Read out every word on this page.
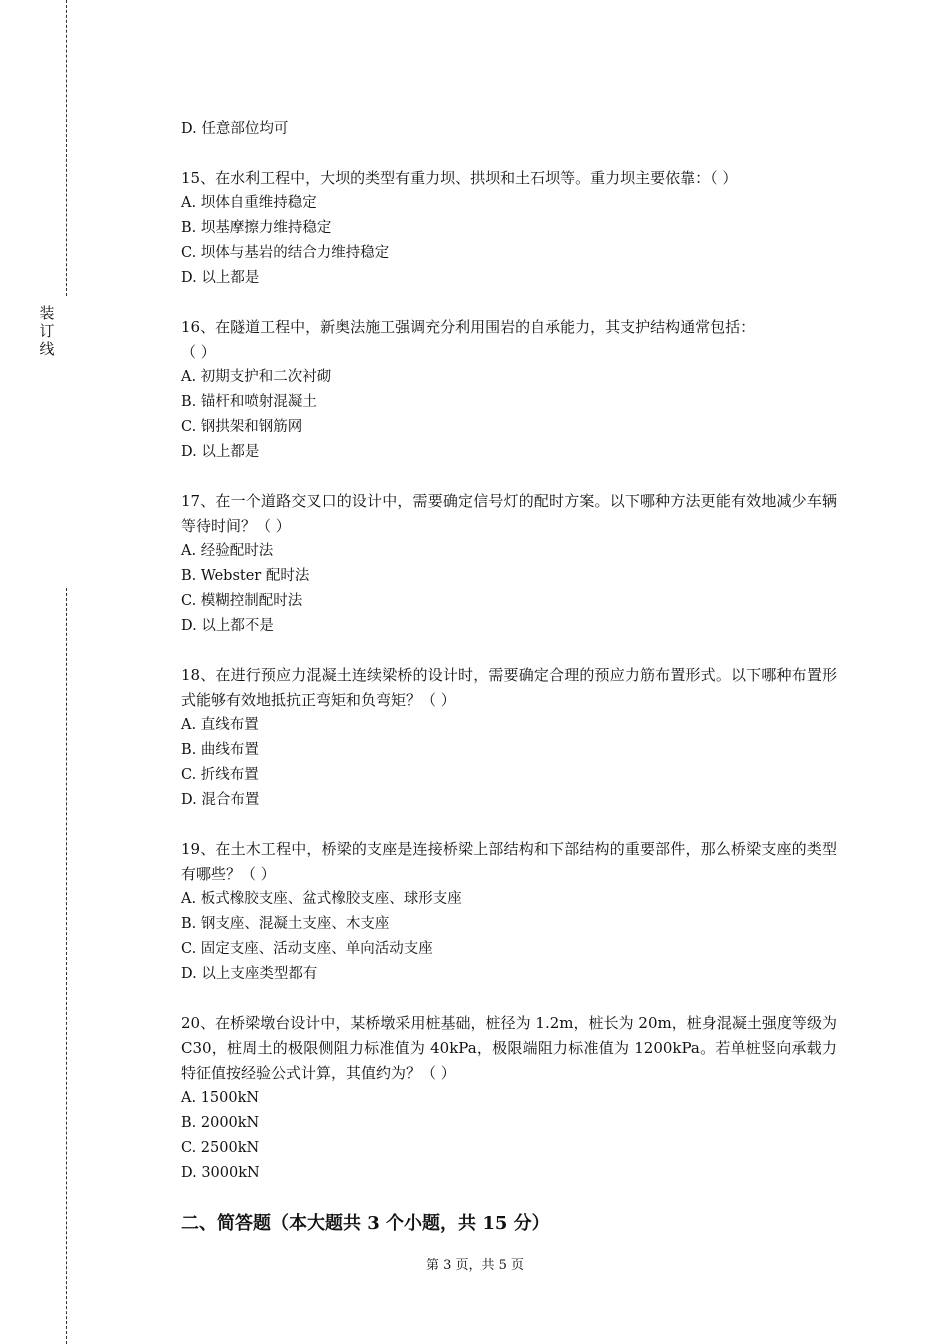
装
订
线

D. 任意部位均可

15、在水利工程中，大坝的类型有重力坝、拱坝和土石坝等。重力坝主要依靠：（ ）

A. 坝体自重维持稳定

B. 坝基摩擦力维持稳定

C. 坝体与基岩的结合力维持稳定

D. 以上都是

16、在隧道工程中，新奥法施工强调充分利用围岩的自承能力，其支护结构通常包括：

（ ）

A. 初期支护和二次衬砌

B. 锚杆和喷射混凝土

C. 钢拱架和钢筋网

D. 以上都是

17、在一个道路交叉口的设计中，需要确定信号灯的配时方案。以下哪种方法更能有效地减少车辆等待时间？（ ）

A. 经验配时法

B. Webster 配时法

C. 模糊控制配时法

D. 以上都不是

18、在进行预应力混凝土连续梁桥的设计时，需要确定合理的预应力筋布置形式。以下哪种布置形式能够有效地抵抗正弯矩和负弯矩？（ ）

A. 直线布置

B. 曲线布置

C. 折线布置

D. 混合布置

19、在土木工程中，桥梁的支座是连接桥梁上部结构和下部结构的重要部件，那么桥梁支座的类型有哪些？（ ）

A. 板式橡胶支座、盆式橡胶支座、球形支座

B. 钢支座、混凝土支座、木支座

C. 固定支座、活动支座、单向活动支座

D. 以上支座类型都有

20、在桥梁墩台设计中，某桥墩采用桩基础，桩径为 1.2m，桩长为 20m，桩身混凝土强度等级为 C30，桩周土的极限侧阻力标准值为 40kPa，极限端阻力标准值为 1200kPa。若单桩竖向承载力特征值按经验公式计算，其值约为？（ ）

A. 1500kN

B. 2000kN

C. 2500kN

D. 3000kN

二、简答题（本大题共 3 个小题，共 15 分）

第 3 页，共 5 页
